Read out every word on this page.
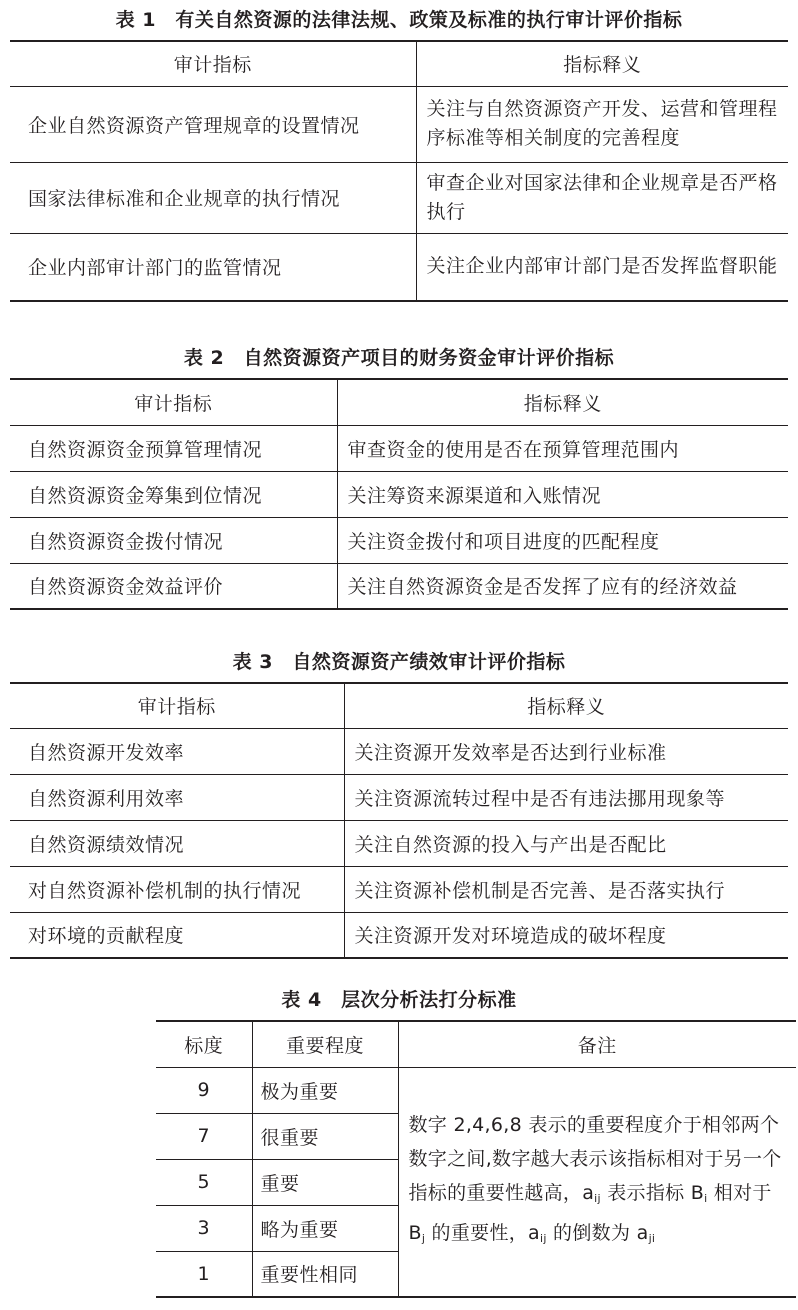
表 1　有关自然资源的法律法规、政策及标准的执行审计评价指标
审计指标	指标释义
企业自然资源资产管理规章的设置情况	关注与自然资源资产开发、运营和管理程序标准等相关制度的完善程度
国家法律标准和企业规章的执行情况	审查企业对国家法律和企业规章是否严格执行
企业内部审计部门的监管情况	关注企业内部审计部门是否发挥监督职能
表 2　自然资源资产项目的财务资金审计评价指标
审计指标	指标释义
自然资源资金预算管理情况	审查资金的使用是否在预算管理范围内
自然资源资金筹集到位情况	关注筹资来源渠道和入账情况
自然资源资金拨付情况	关注资金拨付和项目进度的匹配程度
自然资源资金效益评价	关注自然资源资金是否发挥了应有的经济效益
表 3　自然资源资产绩效审计评价指标
审计指标	指标释义
自然资源开发效率	关注资源开发效率是否达到行业标准
自然资源利用效率	关注资源流转过程中是否有违法挪用现象等
自然资源绩效情况	关注自然资源的投入与产出是否配比
对自然资源补偿机制的执行情况	关注资源补偿机制是否完善、是否落实执行
对环境的贡献程度	关注资源开发对环境造成的破坏程度
表 4　层次分析法打分标准
标度	重要程度	备注
9	极为重要	数字 2,4,6,8 表示的重要程度介于相邻两个数字之间,数字越大表示该指标相对于另一个指标的重要性越高，$a_{ij}$ 表示指标 $B_i$ 相对于 $B_j$ 的重要性，$a_{ij}$ 的倒数为 $a_{ji}$
7	很重要	
5	重要	
3	略为重要	
1	重要性相同	
